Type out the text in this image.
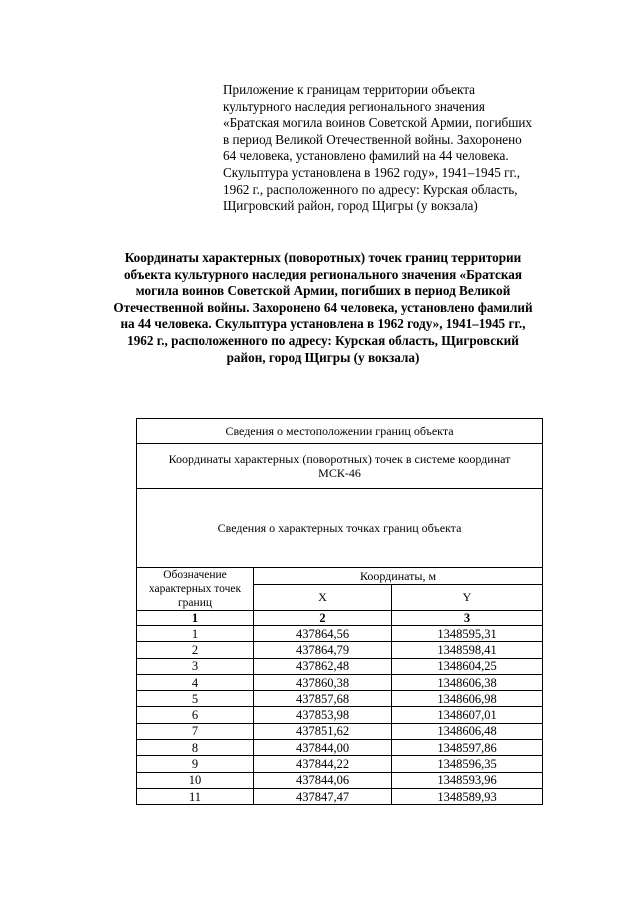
Приложение к границам территории объекта

культурного наследия регионального значения

«Братская могила воинов Советской Армии, погибших

в период Великой Отечественной войны. Захоронено

64 человека, установлено фамилий на 44 человека.

Скульптура установлена в 1962 году», 1941–1945 гг.,

1962 г., расположенного по адресу: Курская область,

Щигровский район, город Щигры (у вокзала)

Координаты характерных (поворотных) точек границ территории

объекта культурного наследия регионального значения «Братская

могила воинов Советской Армии, погибших в период Великой

Отечественной войны. Захоронено 64 человека, установлено фамилий

на 44 человека. Скульптура установлена в 1962 году», 1941–1945 гг.,

1962 г., расположенного по адресу: Курская область, Щигровский

район, город Щигры (у вокзала)

Сведения о местоположении границ объекта		

Координаты характерных (поворотных) точек в системе координат
МСК-46		

Сведения о характерных точках границ объекта		

Обозначение
характерных точек
границ	Координаты, м	
	X	Y
1	2	3
1	437864,56	1348595,31
2	437864,79	1348598,41
3	437862,48	1348604,25
4	437860,38	1348606,38
5	437857,68	1348606,98
6	437853,98	1348607,01
7	437851,62	1348606,48
8	437844,00	1348597,86
9	437844,22	1348596,35
10	437844,06	1348593,96
11	437847,47	1348589,93
